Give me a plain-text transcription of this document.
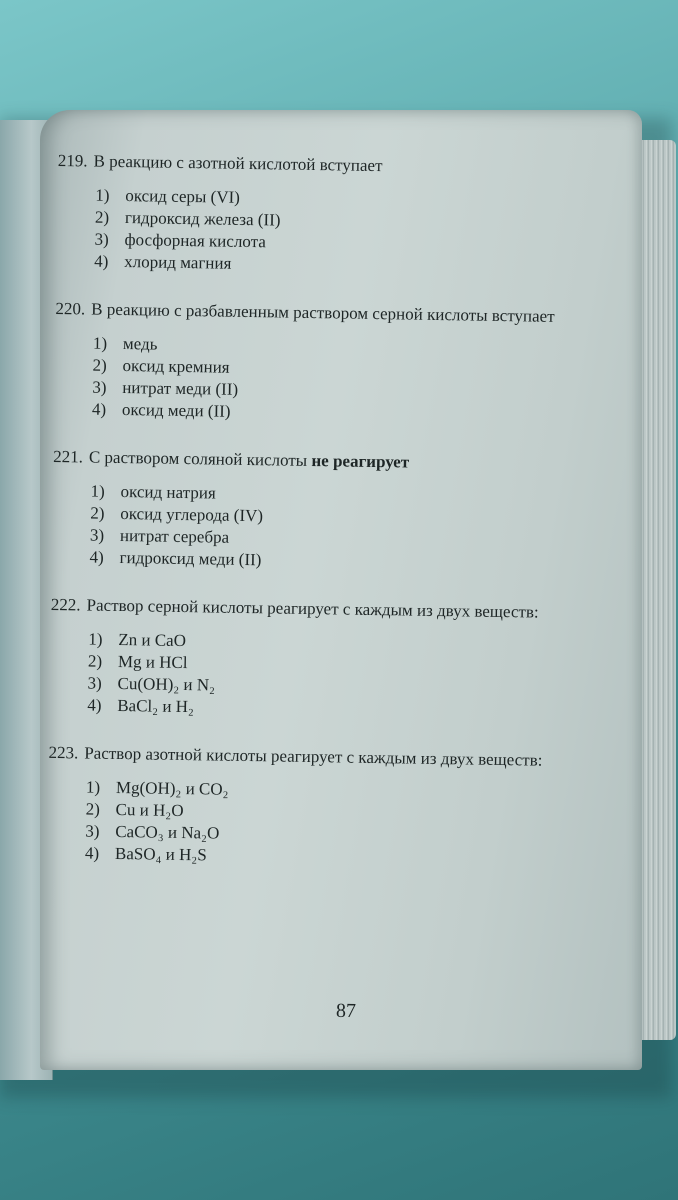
219. В реакцию с азотной кислотой вступает
1) оксид серы (VI)
2) гидроксид железа (II)
3) фосфорная кислота
4) хлорид магния
220. В реакцию с разбавленным раствором серной кислоты вступает
1) медь
2) оксид кремния
3) нитрат меди (II)
4) оксид меди (II)
221. С раствором соляной кислоты не реагирует
1) оксид натрия
2) оксид углерода (IV)
3) нитрат серебра
4) гидроксид меди (II)
222. Раствор серной кислоты реагирует с каждым из двух веществ:
1) Zn и CaO
2) Mg и HCl
3) Cu(OH)₂ и N₂
4) BaCl₂ и H₂
223. Раствор азотной кислоты реагирует с каждым из двух веществ:
1) Mg(OH)₂ и CO₂
2) Cu и H₂O
3) CaCO₃ и Na₂O
4) BaSO₄ и H₂S
87
